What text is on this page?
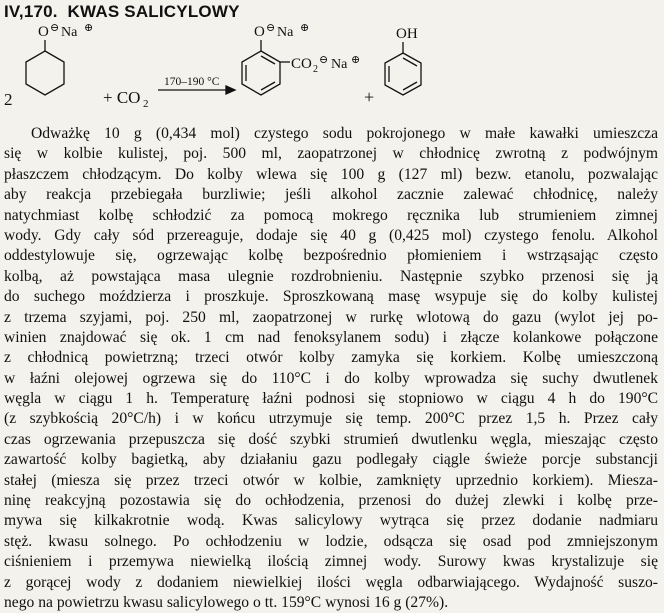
IV,170.  KWAS SALICYLOWY
2
O ⊖ Na ⊕
+ CO 2
170–190 °C
O ⊖ Na ⊕
CO 2
⊖ Na ⊕
+
OH
Odważkę 10 g (0,434 mol) czystego sodu pokrojonego w małe kawałki umieszcza
się w kolbie kulistej, poj. 500 ml, zaopatrzonej w chłodnicę zwrotną z podwójnym
płaszczem chłodzącym. Do kolby wlewa się 100 g (127 ml) bezw. etanolu, pozwalając
aby reakcja przebiegała burzliwie; jeśli alkohol zacznie zalewać chłodnicę, należy
natychmiast kolbę schłodzić za pomocą mokrego ręcznika lub strumieniem zimnej
wody. Gdy cały sód przereaguje, dodaje się 40 g (0,425 mol) czystego fenolu. Alkohol
oddestylowuje się, ogrzewając kolbę bezpośrednio płomieniem i wstrząsając często
kolbą, aż powstająca masa ulegnie rozdrobnieniu. Następnie szybko przenosi się ją
do suchego moździerza i proszkuje. Sproszkowaną masę wsypuje się do kolby kulistej
z trzema szyjami, poj. 250 ml, zaopatrzonej w rurkę wlotową do gazu (wylot jej po-
winien znajdować się ok. 1 cm nad fenoksylanem sodu) i złącze kolankowe połączone
z chłodnicą powietrzną; trzeci otwór kolby zamyka się korkiem. Kolbę umieszczoną
w łaźni olejowej ogrzewa się do 110°C i do kolby wprowadza się suchy dwutlenek
węgla w ciągu 1 h. Temperaturę łaźni podnosi się stopniowo w ciągu 4 h do 190°C
(z szybkością 20°C/h) i w końcu utrzymuje się temp. 200°C przez 1,5 h. Przez cały
czas ogrzewania przepuszcza się dość szybki strumień dwutlenku węgla, mieszając często
zawartość kolby bagietką, aby działaniu gazu podlegały ciągle świeże porcje substancji
stałej (miesza się przez trzeci otwór w kolbie, zamknięty uprzednio korkiem). Miesza-
ninę reakcyjną pozostawia się do ochłodzenia, przenosi do dużej zlewki i kolbę prze-
mywa się kilkakrotnie wodą. Kwas salicylowy wytrąca się przez dodanie nadmiaru
stęż. kwasu solnego. Po ochłodzeniu w lodzie, odsącza się osad pod zmniejszonym
ciśnieniem i przemywa niewielką ilością zimnej wody. Surowy kwas krystalizuje się
z gorącej wody z dodaniem niewielkiej ilości węgla odbarwiającego. Wydajność suszo-
nego na powietrzu kwasu salicylowego o tt. 159°C wynosi 16 g (27%).
